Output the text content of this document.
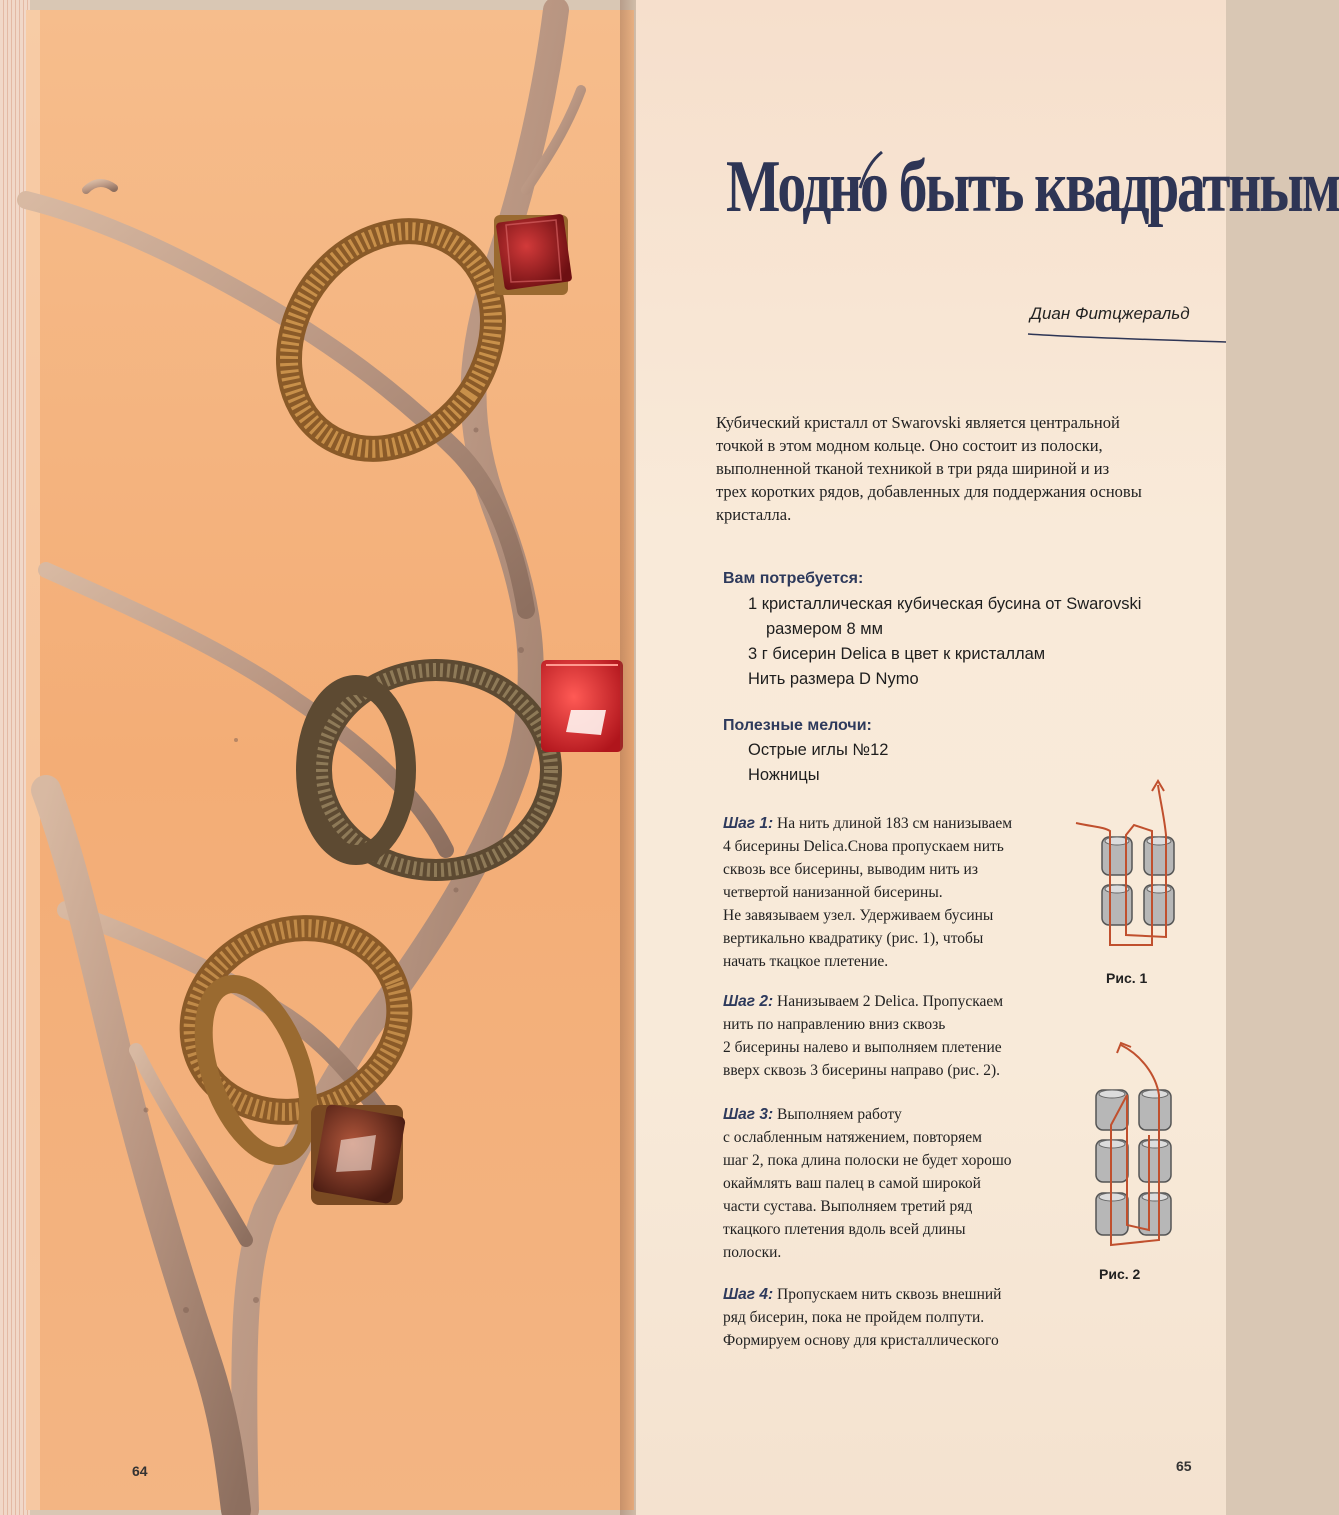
64
Модно быть квадратным
Диан Фитцжеральд
Кубический кристалл от Swarovski является центральной
точкой в этом модном кольце. Оно состоит из полоски,
выполненной тканой техникой в три ряда шириной и из
трех коротких рядов, добавленных для поддержания основы
кристалла.
Вам потребуется:
1 кристаллическая кубическая бусина от Swarovski
размером 8 мм
3 г бисерин Delica в цвет к кристаллам
Нить размера D Nymo
Полезные мелочи:
Острые иглы №12
Ножницы
Шаг 1: На нить длиной 183 см нанизываем
4 бисерины Delica.Снова пропускаем нить
сквозь все бисерины, выводим нить из
четвертой нанизанной бисерины.
Не завязываем узел. Удерживаем бусины
вертикально квадратику (рис. 1), чтобы
начать ткацкое плетение.
Шаг 2: Нанизываем 2 Delica. Пропускаем
нить по направлению вниз сквозь
2 бисерины налево и выполняем плетение
вверх сквозь 3 бисерины направо (рис. 2).
Шаг 3: Выполняем работу
с ослабленным натяжением, повторяем
шаг 2, пока длина полоски не будет хорошо
окаймлять ваш палец в самой широкой
части сустава. Выполняем третий ряд
ткацкого плетения вдоль всей длины
полоски.
Шаг 4: Пропускаем нить сквозь внешний
ряд бисерин, пока не пройдем полпути.
Формируем основу для кристаллического
Рис. 1
Рис. 2
65
